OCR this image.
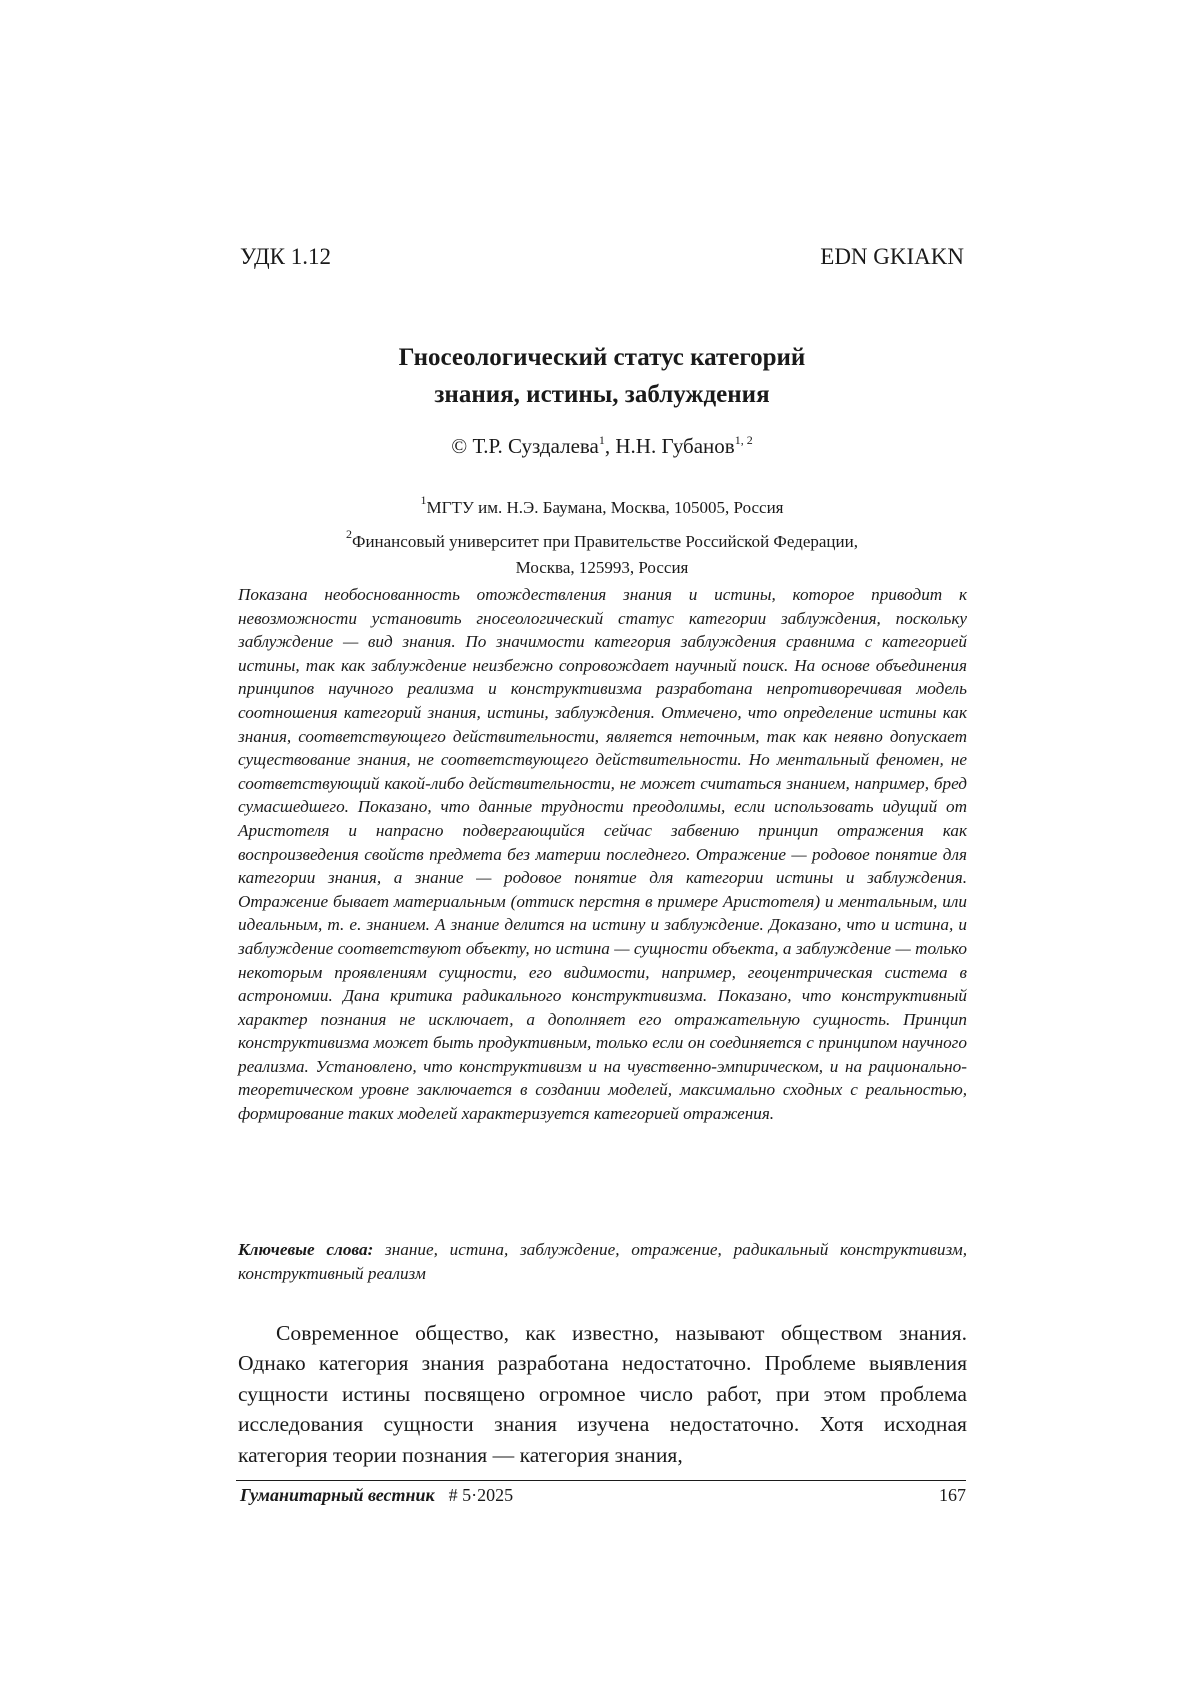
УДК 1.12	EDN GKIAKN
Гносеологический статус категорий
знания, истины, заблуждения
© Т.Р. Суздалева$^1$, Н.Н. Губанов$^{1, 2}$
$^1$МГТУ им. Н.Э. Баумана, Москва, 105005, Россия
$^2$Финансовый университет при Правительстве Российской Федерации,
Москва, 125993, Россия
Показана необоснованность отождествления знания и истины, которое приводит к невозможности установить гносеологический статус категории заблуждения, поскольку заблуждение — вид знания. По значимости категория заблуждения сравнима с категорией истины, так как заблуждение неизбежно сопровождает научный поиск. На основе объединения принципов научного реализма и конструктивизма разработана непротиворечивая модель соотношения категорий знания, истины, заблуждения. Отмечено, что определение истины как знания, соответствующего действительности, является неточным, так как неявно допускает существование знания, не соответствующего действительности. Но ментальный феномен, не соответствующий какой-либо действительности, не может считаться знанием, например, бред сумасшедшего. Показано, что данные трудности преодолимы, если использовать идущий от Аристотеля и напрасно подвергающийся сейчас забвению принцип отражения как воспроизведения свойств предмета без материи последнего. Отражение — родовое понятие для категории знания, а знание — родовое понятие для категории истины и заблуждения. Отражение бывает материальным (оттиск перстня в примере Аристотеля) и ментальным, или идеальным, т. е. знанием. А знание делится на истину и заблуждение. Доказано, что и истина, и заблуждение соответствуют объекту, но истина — сущности объекта, а заблуждение — только некоторым проявлениям сущности, его видимости, например, геоцентрическая система в астрономии. Дана критика радикального конструктивизма. Показано, что конструктивный характер познания не исключает, а дополняет его отражательную сущность. Принцип конструктивизма может быть продуктивным, только если он соединяется с принципом научного реализма. Установлено, что конструктивизм и на чувственно-эмпирическом, и на рационально-теоретическом уровне заключается в создании моделей, максимально сходных с реальностью, формирование таких моделей характеризуется категорией отражения.
Ключевые слова: знание, истина, заблуждение, отражение, радикальный конструктивизм, конструктивный реализм
Современное общество, как известно, называют обществом знания. Однако категория знания разработана недостаточно. Проблеме выявления сущности истины посвящено огромное число работ, при этом проблема исследования сущности знания изучена недостаточно. Хотя исходная категория теории познания — категория знания,
Гуманитарный вестник # 5·2025	167
